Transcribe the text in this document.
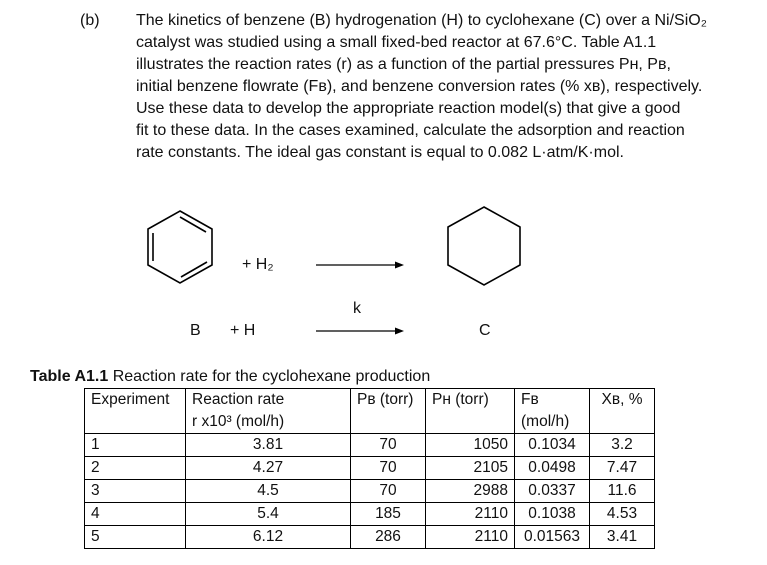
(b) The kinetics of benzene (B) hydrogenation (H) to cyclohexane (C) over a Ni/SiO₂
catalyst was studied using a small fixed-bed reactor at 67.6°C. Table A1.1
illustrates the reaction rates (r) as a function of the partial pressures Pʜ, Pʙ,
initial benzene flowrate (Fʙ), and benzene conversion rates (% xʙ), respectively.
Use these data to develop the appropriate reaction model(s) that give a good
fit to these data. In the cases examined, calculate the adsorption and reaction
rate constants. The ideal gas constant is equal to 0.082 L·atm/K·mol.
+ H₂
k
B + H	C
Table A1.1 Reaction rate for the cyclohexane production
Experiment	Reaction rate	Pʙ (torr)	Pʜ (torr)	Fʙ	Xʙ, %
	r x10³ (mol/h)			(mol/h)	
1	3.81	70	1050	0.1034	3.2
2	4.27	70	2105	0.0498	7.47
3	4.5	70	2988	0.0337	11.6
4	5.4	185	2110	0.1038	4.53
5	6.12	286	2110	0.01563	3.41
